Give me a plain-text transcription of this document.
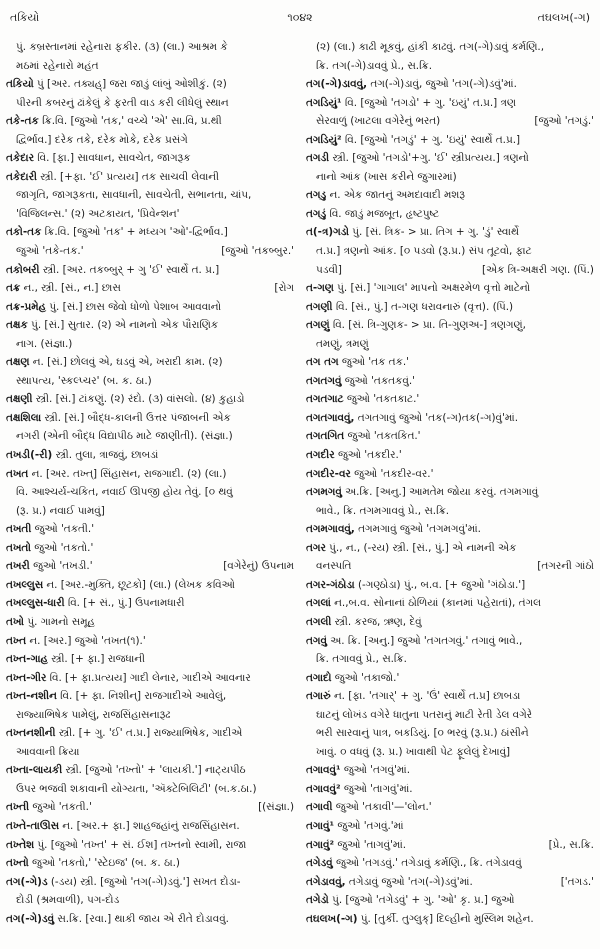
તકિયો	૧૦૪૨	તઘલખ(-ગ)
પું. કબ્રસ્તાનમાં રહેનારા ફકીર. (૩) (લા.) આશ્રમ કે
મઠમાં રહેનારો મહંત
તકિયો પું [અર. તક્યહ્] જરા જાડું લાંબું ઓશીકું. (૨)
પીરની કબરનું ઢાંકેલું કે ફરતી વાડ કરી લીધેલું સ્થાન
તકે-તક ક્રિ.વિ. [જુઓ 'તક,' વચ્ચે 'એ' સા.વિ, પ્ર.થી
દ્વિર્ભાવ.] દરેક તકે, દરેક મોકે, દરેક પ્રસંગે
તકેદાર વિ. [ફા.] સાવધાન, સાવચેત, જાગરૂક
તકેદારી સ્ત્રી. [+ફા. 'ઈ' પ્રત્યય] તક સાચવી લેવાની
જાગૃતિ, જાગરૂકતા, સાવધાની, સાવચેતી, સભાનતા, ચાંપ,
'વિજિલન્સ.' (૨) અટકાયત, 'પ્રિવેન્શન'
તકો-તક ક્રિ.વિ. [જુઓ 'તક' + મધ્યગ 'ઓ'-દ્વિર્ભાવ.]
[જુઓ 'તકબ્બુર.'
જુઓ 'તકે-તક.'
તકોબરી સ્ત્રી. [અર. તકબ્બુર્ + ગુ 'ઈ' સ્વાર્થે ત. પ્ર.]
[રોગ
તક્ર ન., સ્ત્રી. [સં., ન.] છાસ
તક્ર-પ્રમેહ પું. [સં.] છાસ જેવો ધોળો પેશાબ આવવાનો
તક્ષક પું. [સં.] સુતાર. (૨) એ નામનો એક પૌરાણિક
નાગ. (સંજ્ઞા.)
તક્ષણ ન. [સં.] છોલવું એ, ઘડવું એ, ખરાદી કામ. (૨)
સ્થાપત્ય, 'સ્કલ્પ્ચર' (બ. ક. ઠા.)
તક્ષણી સ્ત્રી. [સં.] ટાંકણું. (૨) રંદો. (૩) વાંસલો. (૪) કુહાડો
તક્ષશિલા સ્ત્રી. [સં.] બૌદ્ધ-કાલની ઉત્તર પંજાબની એક
નગરી (એની બૌદ્ધ વિદ્યાપીઠ માટે જાણીતી). (સંજ્ઞા.)
તખડી(-રી) સ્ત્રી. તુલા, ત્રાજવું, છાબડાં
તખત ન. [અર. તખ્ત્] સિંહાસન, રાજગાદી. (૨) (લા.)
વિ. આશ્ચર્ય-ચકિત, નવાઈ ઊપજી હોય તેવું. [૦ થવું
(રૂ. પ્ર.) નવાઈ પામવું]
તખતી જુઓ 'તકતી.'
તખતો જુઓ 'તકતો.'
[વગેરેનું) ઉપનામ
તખરી જુઓ 'તખડી.'
તખલ્લુસ ન. [અર.-મુક્તિ, છૂટકો] (લા.) (લેખક કવિઓ
તખલ્લુસ-ધારી વિ. [+ સં., પું.] ઉપનામધારી
તખો પું. ગામનો સમૂહ
તખ્ત ન. [અર.] જુઓ 'તખત(૧).'
તખ્ત-ગાહ સ્ત્રી. [+ ફા.] રાજધાની
તખ્ત-ગીર વિ. [+ ફા.પ્રત્યય] ગાદી લેનાર, ગાદીએ આવનાર
તખ્ત-નશીન વિ. [+ ફા. નિશીન્] રાજગાદીએ આવેલું,
રાજ્યાભિષેક પામેલું, રાજસિંહાસનારૂઢ
તખ્તનશીની સ્ત્રી. [+ ગુ. 'ઈ' ત.પ્ર.] રાજ્યાભિષેક, ગાદીએ
આવવાની ક્રિયા
તખ્તા-લાયકી સ્ત્રી. [જુઓ 'તખ્તો' + 'લાયકી.'] નાટ્યપીઠ
ઉપર ભજવી શકાવાની યોગ્યતા, 'ઍક્ટેબિલિટી' (બ.ક.ઠા.)
[(સંજ્ઞા.)
તખ્તી જુઓ 'તકતી.'
તખ્તે-તાઊસ ન. [અર.+ ફા.] શાહજહાંનું રાજસિંહાસન.
તખ્તેશ પું. [જુઓ 'તખ્ત' + સં. ઈશ] તખ્તનો સ્વામી, રાજા
તખ્તો જુઓ 'તકતો,' 'સ્ટેઇજ' (બ. ક. ઠા.)
તગ(-ગે)ડ (-ડય) સ્ત્રી. [જુઓ 'તગ(-ગે)ડવું.'] સખત દોડા-
દોડી (શ્રમવાળી), પગ-દોડ
તગ(-ગે)ડવું સ.ક્રિ. [રવા.] થાકી જાય એ રીતે દોડાવવું.
(૨) (લા.) કાઢી મૂકવું, હાંકી કાઢવું. તગ(-ગે)ડાવું કર્મણિ.,
ક્રિ. તગ(-ગે)ડાવવું પ્રે., સ.ક્રિ.
તગ(-ગે)ડાવવું, તગ(-ગે)ડાવું, જુઓ 'તગ(-ગે)ડવું'માં.
તગડિયું¹ વિ. [જુઓ 'તગડો' + ગુ. 'ઇયું' ત.પ્ર.] ત્રણ
[જુઓ 'તગડું.'
સેરવાળું (ખાટલા વગેરેનું ભરત)
તગડિયું² વિ. [જુઓ 'તગડું' + ગુ. 'ઇયું' સ્વાર્થે ત.પ્ર.]
તગડી સ્ત્રી. [જુઓ 'તગડો'+ગુ. 'ઈ' સ્ત્રીપ્રત્યય.] ત્રણનો
નાનો આંક (ખાસ કરીને જુગારમાં)
તગડુ ન. એક જાતનું અમદાવાદી મશરૂ
તગડું વિ. જાડું મજબૂત, હૃષ્ટપુષ્ટ
ત(-ત્ર)ગડો પું. [સં. ત્રિક- > પ્રા. તિગ + ગુ. 'ડું' સ્વાર્થે
ત.પ્ર.] ત્રણનો આંક. [૦ પડવો (રૂ.પ્ર.) સંપ તૂટવો, ફાટ
[એક ત્રિ-અક્ષરી ગણ. (પિં.)
પડવી]
ત-ગણ પું. [સં.] 'ગાગાલ' માપનો અક્ષરમેળ વૃત્તો માટેનો
તગણી વિ. [સં., પું.] ત-ગણ ધરાવનારું (વૃત્ત). (પિં.)
તગણું વિ. [સં. ત્રિ-ગુણક- > પ્રા. તિ-ગુણઅ-] ત્રણગણું,
તમણું, ત્રમણું
તગ તગ જુઓ 'તક તક.'
તગતગવું જુઓ 'તકતકવું.'
તગતગાટ જુઓ 'તકતકાટ.'
તગતગાવવું, તગતગાવું જુઓ 'તક(-ગ)તક(-ગ)વું'માં.
તગતગિત જુઓ 'તકતકિત.'
તગદીર જુઓ 'તકદીર.'
તગદીર-વર જુઓ 'તકદીર-વર.'
તગમગવું અ.ક્રિ. [અનુ.] આમતેમ જોયા કરવું. તગમગાવું
ભાવે., ક્રિ. તગમગાવવું પ્રે., સ.ક્રિ.
તગમગાવવું, તગમગાવું જુઓ 'તગમગવું'માં.
તગર પું., ન., (-રય) સ્ત્રી. [સં., પું.] એ નામની એક
[તગરની ગાંઠો
વનસ્પતિ
તગર-ગંઠોડા (-ગણ્ઠોડા) પું., બ.વ. [+ જુઓ 'ગંઠોડા.']
તગલાં ન.,બ.વ. સોનાનાં ઠોળિયાં (કાનમાં પહેરાતાં), તંગલ
તગલી સ્ત્રી. કરજ, ઋણ, દેવું
તગવું અ. ક્રિ. [અનુ.] જુઓ 'તગતગવું.' તગાવું ભાવે.,
ક્રિ. તગાવવું પ્રે., સ.ક્રિ.
તગાદો જુઓ 'તકાજો.'
તગારું ન. [ફા. 'તગાર્' + ગુ. 'ઉં' સ્વાર્થે ત.પ્ર] છાબડા
ઘાટનું લોખંડ વગેરે ધાતુના પતરાનું માટી રેતી ડેલ વગેરે
ભરી સારવાનું પાત્ર, બકડિયું. [૦ ભરવું (રૂ.પ્ર.) ઠાંસીને
ખાવું. ૦ વધવું (રૂ. પ્ર.) ખાવાથી પેટ ફૂલેલું દેખાવું]
તગાવવું¹ જુઓ 'તગવું'માં.
તગાવવું² જુઓ 'તાગવું'માં.
તગાવી જુઓ 'તકાવી'—'લોન.'
તગાવું¹ જુઓ 'તગવું.'માં
[પ્રે., સ.ક્રિ.
તગાવું² જુઓ 'તાગવું'માં.
તગેડવું જુઓ 'તગડવું.' તગેડાવું કર્મણિ., ક્રિ. તગેડાવવું
['તગડ.'
તગેડાવવું, તગેડાવું જુઓ 'તગ(-ગે)ડવું'માં.
તગેડો પું. [જુઓ 'તગેડવું' + ગુ. 'ઓ' કૃ. પ્ર.] જુઓ
તઘલખ(-ગ) પું. [તુર્કી. તુગ્લુક્] દિલ્હીનો મુસ્લિમ શહેન.
